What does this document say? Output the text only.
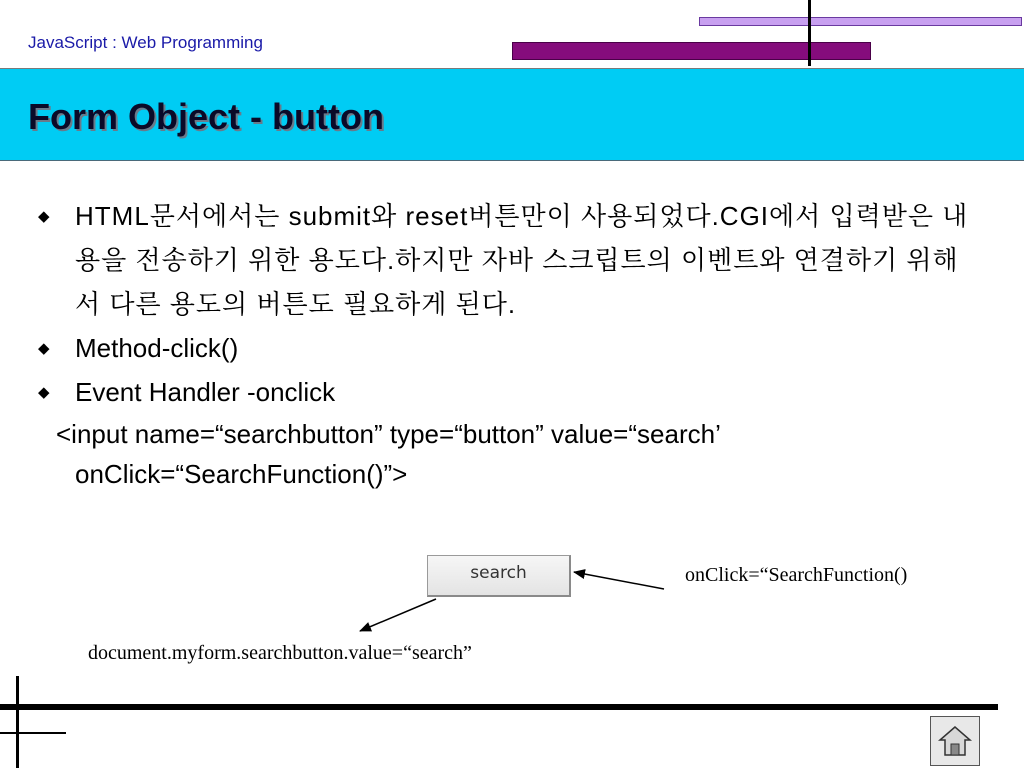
JavaScript : Web Programming
Form Object - button
◆ HTML문서에서는 submit와 reset버튼만이 사용되었다.CGI에서 입력받은 내용을 전송하기 위한 용도다.하지만 자바 스크립트의 이벤트와 연결하기 위해서 다른 용도의 버튼도 필요하게 된다.
◆ Method-click()
◆ Event Handler -onclick
<input name=“searchbutton” type=“button” value=“search’
onClick=“SearchFunction()”>
search	onClick=“SearchFunction()
document.myform.searchbutton.value=“search”
